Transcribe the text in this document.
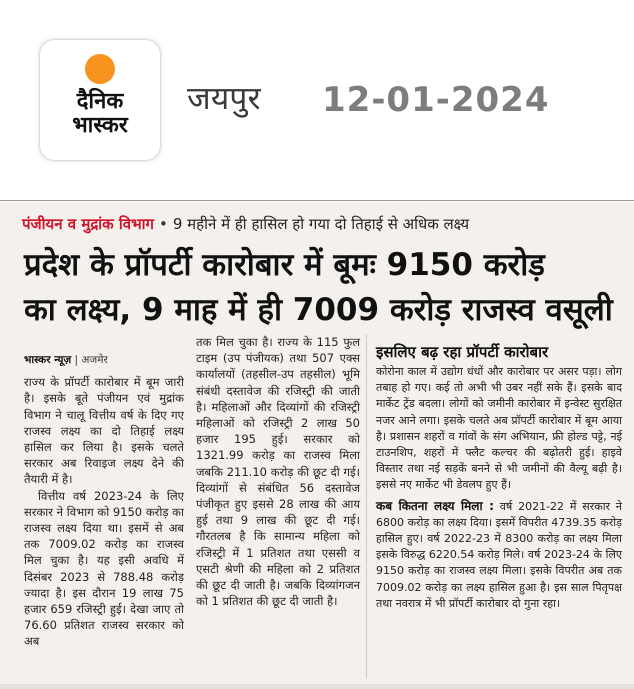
दैनिक
भास्कर
जयपुर 12-01-2024
पंजीयन व मुद्रांक विभाग • 9 महीने में ही हासिल हो गया दो तिहाई से अधिक लक्ष्य
प्रदेश के प्रॉपर्टी कारोबार में बूमः 9150 करोड़
का लक्ष्य, 9 माह में ही 7009 करोड़ राजस्व वसूली
भास्कर न्यूज़ | अजमेर

राज्य के प्रॉपर्टी कारोबार में बूम जारी है। इसके बूते पंजीयन एवं मुद्रांक विभाग ने चालू वित्तीय वर्ष के दिए गए राजस्व लक्ष्य का दो तिहाई लक्ष्य हासिल कर लिया है। इसके चलते सरकार अब रिवाइज लक्ष्य देने की तैयारी में है।

वित्तीय वर्ष 2023-24 के लिए सरकार ने विभाग को 9150 करोड़ का राजस्व लक्ष्य दिया था। इसमें से अब तक 7009.02 करोड़ का राजस्व मिल चुका है। यह इसी अवधि में दिसंबर 2023 से 788.48 करोड़ ज्यादा है। इस दौरान 19 लाख 75 हजार 659 रजिस्ट्री हुई। देखा जाए तो 76.60 प्रतिशत राजस्व सरकार को अब

तक मिल चुका है। राज्य के 115 फुल टाइम (उप पंजीयक) तथा 507 एक्स कार्यालयों (तहसील-उप तहसील) भूमि संबंधी दस्तावेज की रजिस्ट्री की जाती है। महिलाओं और दिव्यांगों की रजिस्ट्री महिलाओं को रजिस्ट्री 2 लाख 50 हजार 195 हुई। सरकार को 1321.99 करोड़ का राजस्व मिला जबकि 211.10 करोड़ की छूट दी गई। दिव्यांगों से संबंधित 56 दस्तावेज पंजीकृत हुए इससे 28 लाख की आय हुई तथा 9 लाख की छूट दी गई। गौरतलब है कि सामान्य महिला को रजिस्ट्री में 1 प्रतिशत तथा एससी व एसटी श्रेणी की महिला को 2 प्रतिशत की छूट दी जाती है। जबकि दिव्यांगजन को 1 प्रतिशत की छूट दी जाती है।

इसलिए बढ़ रहा प्रॉपर्टी कारोबार

कोरोना काल में उद्योग धंधों और कारोबार पर असर पड़ा। लोग तबाह हो गए। कई तो अभी भी उबर नहीं सके हैं। इसके बाद मार्केट ट्रेंड बदला। लोगों को जमीनी कारोबार में इन्वेस्ट सुरक्षित नजर आने लगा। इसके चलते अब प्रॉपर्टी कारोबार में बूम आया है। प्रशासन शहरों व गांवों के संग अभियान, फ्री होल्ड पट्टे, नई टाउनशिप, शहरों में फ्लैट कल्चर की बढ़ोतरी हुई। हाइवे विस्तार तथा नई सड़कें बनने से भी जमीनों की वैल्यू बढ़ी है। इससे नए मार्केट भी डेवलप हुए हैं।

कब कितना लक्ष्य मिला : वर्ष 2021-22 में सरकार ने 6800 करोड़ का लक्ष्य दिया। इसमें विपरीत 4739.35 करोड़ हासिल हुए। वर्ष 2022-23 में 8300 करोड़ का लक्ष्य मिला इसके विरुद्ध 6220.54 करोड़ मिले। वर्ष 2023-24 के लिए 9150 करोड़ का राजस्व लक्ष्य मिला। इसके विपरीत अब तक 7009.02 करोड़ का लक्ष्य हासिल हुआ है। इस साल पितृपक्ष तथा नवरात्र में भी प्रॉपर्टी कारोबार दो गुना रहा।
